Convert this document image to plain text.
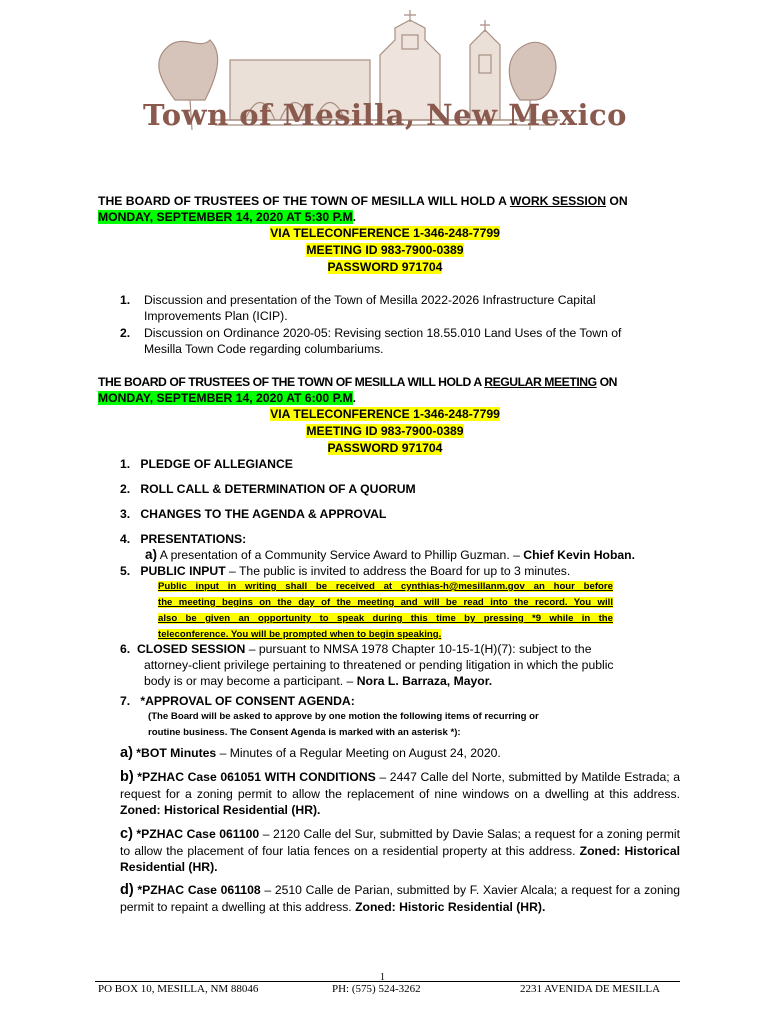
Town of Mesilla, New Mexico
THE BOARD OF TRUSTEES OF THE TOWN OF MESILLA WILL HOLD A WORK SESSION ON
MONDAY, SEPTEMBER 14, 2020 AT 5:30 P.M.
VIA TELECONFERENCE 1-346-248-7799
MEETING ID 983-7900-0389
PASSWORD 971704
1. Discussion and presentation of the Town of Mesilla 2022-2026 Infrastructure Capital
Improvements Plan (ICIP).
2. Discussion on Ordinance 2020-05: Revising section 18.55.010 Land Uses of the Town of
Mesilla Town Code regarding columbariums.
THE BOARD OF TRUSTEES OF THE TOWN OF MESILLA WILL HOLD A REGULAR MEETING ON
MONDAY, SEPTEMBER 14, 2020 AT 6:00 P.M.
VIA TELECONFERENCE 1-346-248-7799
MEETING ID 983-7900-0389
PASSWORD 971704
1. PLEDGE OF ALLEGIANCE
2. ROLL CALL & DETERMINATION OF A QUORUM
3. CHANGES TO THE AGENDA & APPROVAL
4. PRESENTATIONS:
a) A presentation of a Community Service Award to Phillip Guzman. – Chief Kevin Hoban.
5. PUBLIC INPUT – The public is invited to address the Board for up to 3 minutes.
Public input in writing shall be received at cynthias-h@mesillanm.gov an hour before
the meeting begins on the day of the meeting and will be read into the record. You will
also be given an opportunity to speak during this time by pressing *9 while in the
teleconference. You will be prompted when to begin speaking.
6. CLOSED SESSION – pursuant to NMSA 1978 Chapter 10-15-1(H)(7): subject to the
attorney-client privilege pertaining to threatened or pending litigation in which the public
body is or may become a participant. – Nora L. Barraza, Mayor.
7. *APPROVAL OF CONSENT AGENDA:
(The Board will be asked to approve by one motion the following items of recurring or
routine business. The Consent Agenda is marked with an asterisk *):
a) *BOT Minutes – Minutes of a Regular Meeting on August 24, 2020.
b) *PZHAC Case 061051 WITH CONDITIONS – 2447 Calle del Norte, submitted by Matilde Estrada; a request for a zoning permit to allow the replacement of nine windows on a dwelling at this address. Zoned: Historical Residential (HR).
c) *PZHAC Case 061100 – 2120 Calle del Sur, submitted by Davie Salas; a request for a zoning permit to allow the placement of four latia fences on a residential property at this address. Zoned: Historical Residential (HR).
d) *PZHAC Case 061108 – 2510 Calle de Parian, submitted by F. Xavier Alcala; a request for a zoning permit to repaint a dwelling at this address. Zoned: Historic Residential (HR).
PO BOX 10, MESILLA, NM 88046
1
PH: (575) 524-3262	2231 AVENIDA DE MESILLA
